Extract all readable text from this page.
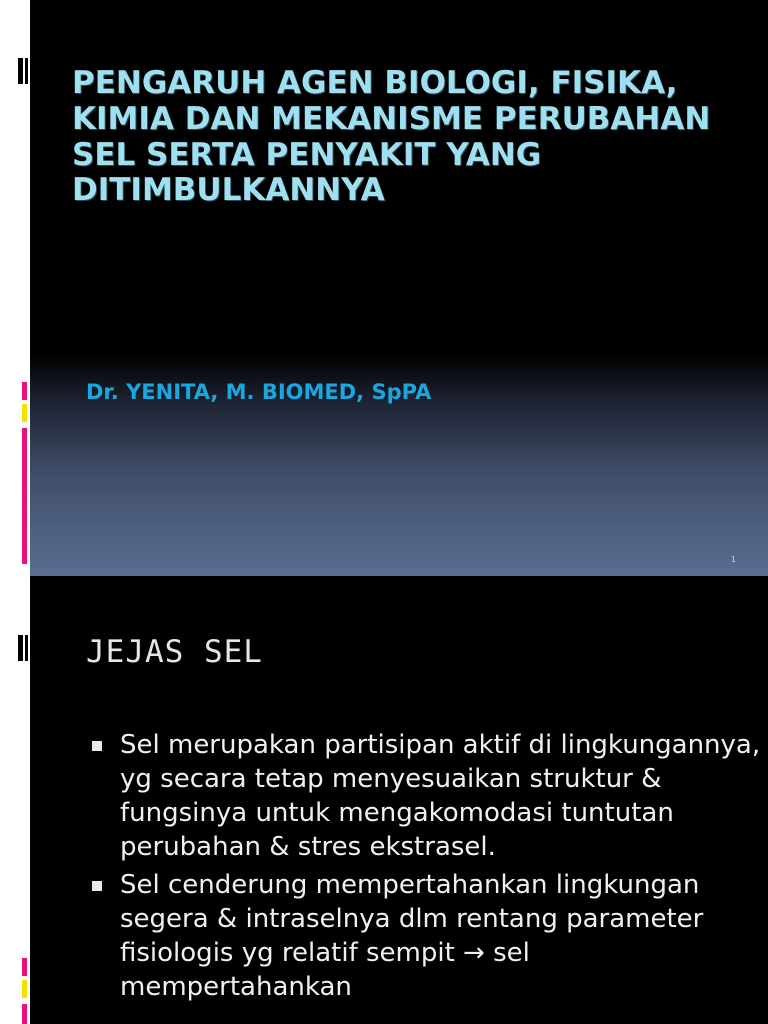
PENGARUH AGEN BIOLOGI, FISIKA, KIMIA DAN MEKANISME PERUBAHAN SEL SERTA PENYAKIT YANG DITIMBULKANNYA
Dr. YENITA, M. BIOMED, SpPA
1
JEJAS SEL
Sel merupakan partisipan aktif di lingkungannya, yg secara tetap menyesuaikan struktur & fungsinya untuk mengakomodasi tuntutan perubahan & stres ekstrasel.
Sel cenderung mempertahankan lingkungan segera & intraselnya dlm rentang parameter fisiologis yg relatif sempit → sel mempertahankan
